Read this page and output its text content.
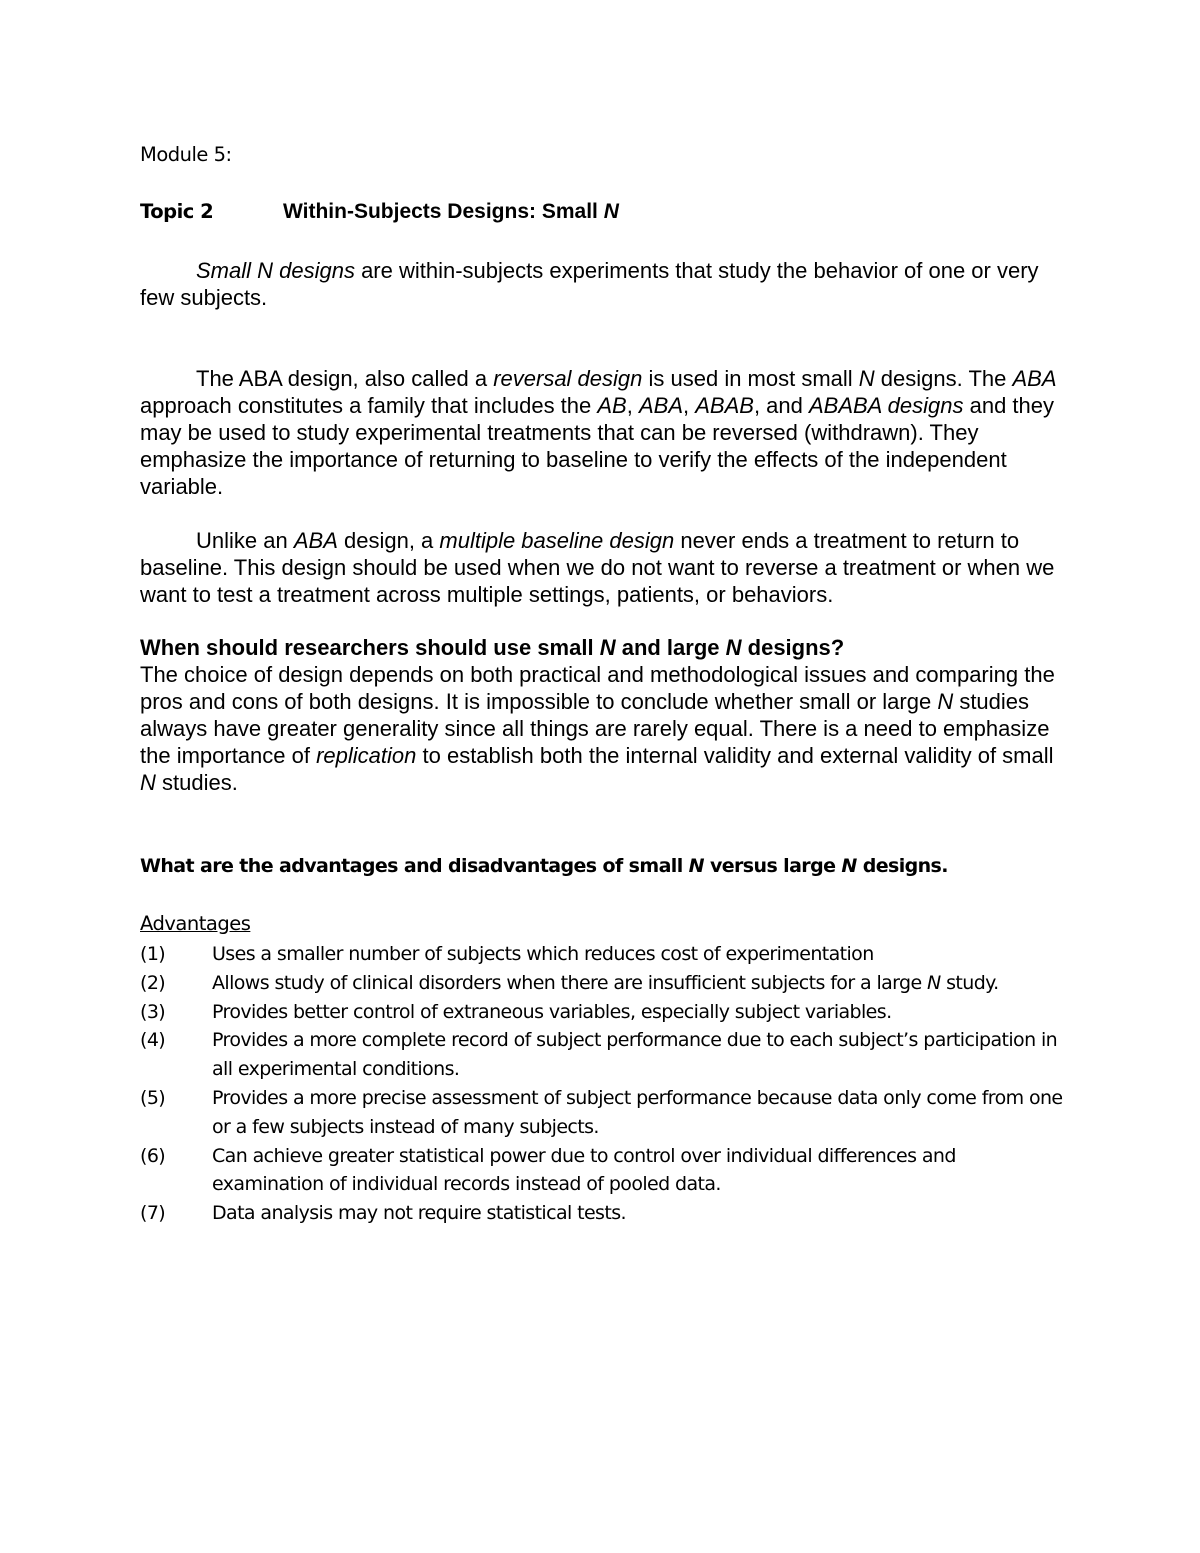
Module 5:
Topic 2	Within-Subjects Designs: Small N
Small N designs are within-subjects experiments that study the behavior of one or very few subjects.
The ABA design, also called a reversal design is used in most small N designs. The ABA approach constitutes a family that includes the AB, ABA, ABAB, and ABABA designs and they may be used to study experimental treatments that can be reversed (withdrawn). They emphasize the importance of returning to baseline to verify the effects of the independent variable.
Unlike an ABA design, a multiple baseline design never ends a treatment to return to baseline. This design should be used when we do not want to reverse a treatment or when we want to test a treatment across multiple settings, patients, or behaviors.
When should researchers should use small N and large N designs?
The choice of design depends on both practical and methodological issues and comparing the pros and cons of both designs. It is impossible to conclude whether small or large N studies always have greater generality since all things are rarely equal. There is a need to emphasize the importance of replication to establish both the internal validity and external validity of small N studies.
What are the advantages and disadvantages of small N versus large N designs.
Advantages
(1) Uses a smaller number of subjects which reduces cost of experimentation
(2) Allows study of clinical disorders when there are insufficient subjects for a large N study.
(3) Provides better control of extraneous variables, especially subject variables.
(4) Provides a more complete record of subject performance due to each subject’s participation in all experimental conditions.
(5) Provides a more precise assessment of subject performance because data only come from one or a few subjects instead of many subjects.
(6) Can achieve greater statistical power due to control over individual differences and examination of individual records instead of pooled data.
(7) Data analysis may not require statistical tests.
